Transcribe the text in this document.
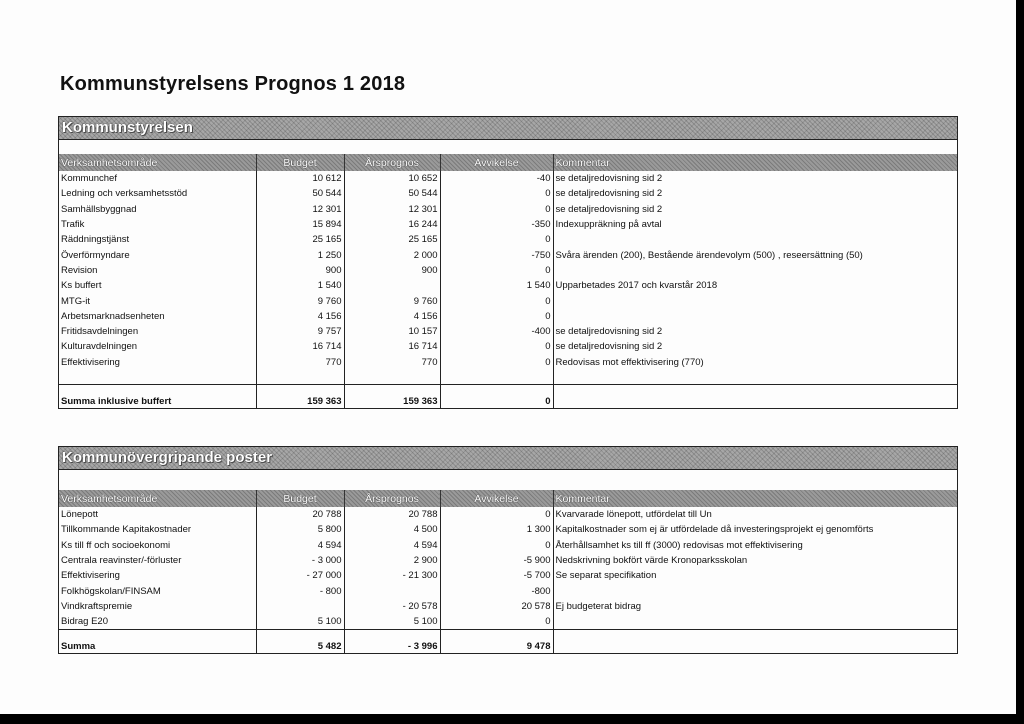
Kommunstyrelsens Prognos 1 2018
Kommunstyrelsen
Verksamhetsområde	Budget	Årsprognos	Avvikelse	Kommentar
Kommunchef	10 612	10 652	-40	se detaljredovisning sid 2
Ledning och verksamhetsstöd	50 544	50 544	0	se detaljredovisning sid 2
Samhällsbyggnad	12 301	12 301	0	se detaljredovisning sid 2
Trafik	15 894	16 244	-350	Indexuppräkning på avtal
Räddningstjänst	25 165	25 165	0	
Överförmyndare	1 250	2 000	-750	Svåra ärenden (200), Bestående ärendevolym (500) , reseersättning (50)
Revision	900	900	0	
Ks buffert	1 540		1 540	Upparbetades 2017 och kvarstår 2018
MTG-it	9 760	9 760	0	
Arbetsmarknadsenheten	4 156	4 156	0	
Fritidsavdelningen	9 757	10 157	-400	se detaljredovisning sid 2
Kulturavdelningen	16 714	16 714	0	se detaljredovisning sid 2
Effektivisering	770	770	0	Redovisas mot effektivisering (770)

Summa inklusive buffert	159 363	159 363	0	
Kommunövergripande poster
Verksamhetsområde	Budget	Årsprognos	Avvikelse	Kommentar
Lönepott	20 788	20 788	0	Kvarvarade lönepott, utfördelat till Un
Tillkommande Kapitakostnader	5 800	4 500	1 300	Kapitalkostnader som ej är utfördelade då investeringsprojekt ej genomförts
Ks till ff och socioekonomi	4 594	4 594	0	Återhållsamhet ks till ff (3000) redovisas mot effektivisering
Centrala reavinster/-förluster	- 3 000	2 900	-5 900	Nedskrivning bokfört värde Kronoparksskolan
Effektivisering	- 27 000	- 21 300	-5 700	Se separat specifikation
Folkhögskolan/FINSAM	- 800		-800	
Vindkraftspremie		- 20 578	20 578	Ej budgeterat bidrag
Bidrag E20	5 100	5 100	0	
Summa	5 482	- 3 996	9 478	
